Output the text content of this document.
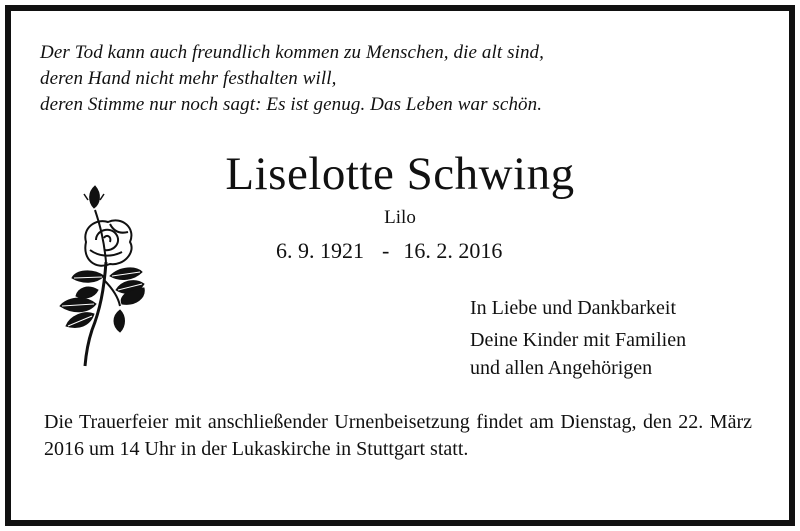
Der Tod kann auch freundlich kommen zu Menschen, die alt sind,
deren Hand nicht mehr festhalten will,
deren Stimme nur noch sagt: Es ist genug. Das Leben war schön.
Liselotte Schwing
Lilo
6. 9. 1921 - 16. 2. 2016
In Liebe und Dankbarkeit
Deine Kinder mit Familien
und allen Angehörigen
Die Trauerfeier mit anschließender Urnenbeisetzung findet am Dienstag, den 22. März 2016 um 14 Uhr in der Lukaskirche in Stuttgart statt.
